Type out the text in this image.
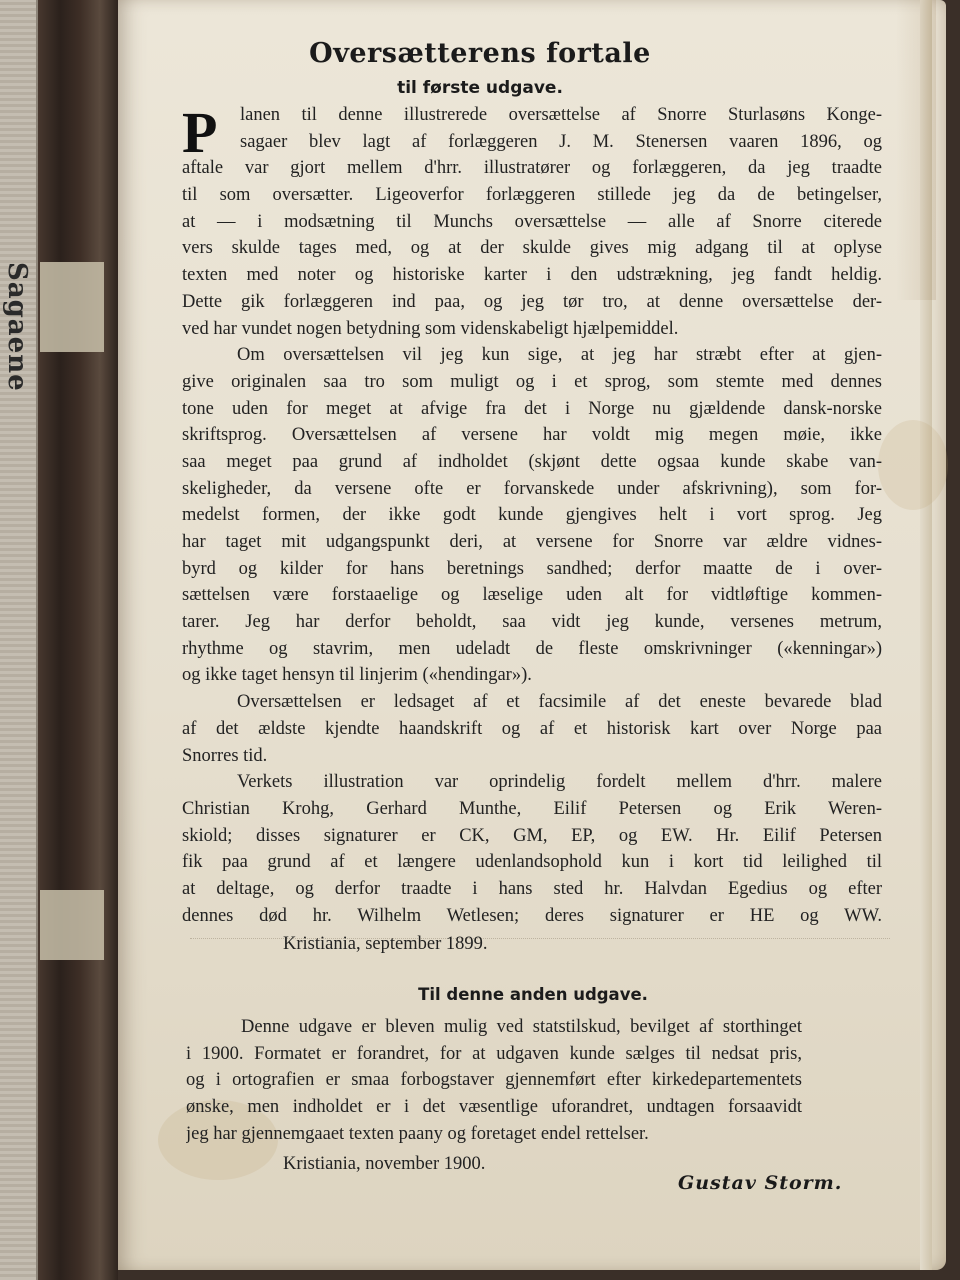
Sagaene
Oversætterens fortale
til første udgave.
P	lanen til denne illustrerede oversættelse af Snorre Sturlasøns Konge-
sagaer blev lagt af forlæggeren J. M. Stenersen vaaren 1896, og
aftale var gjort mellem d'hrr. illustratører og forlæggeren, da jeg traadte
til som oversætter. Ligeoverfor forlæggeren stillede jeg da de betingelser,
at — i modsætning til Munchs oversættelse — alle af Snorre citerede
vers skulde tages med, og at der skulde gives mig adgang til at oplyse
texten med noter og historiske karter i den udstrækning, jeg fandt heldig.
Dette gik forlæggeren ind paa, og jeg tør tro, at denne oversættelse der-
ved har vundet nogen betydning som videnskabeligt hjælpemiddel.
Om oversættelsen vil jeg kun sige, at jeg har stræbt efter at gjen-
give originalen saa tro som muligt og i et sprog, som stemte med dennes
tone uden for meget at afvige fra det i Norge nu gjældende dansk-norske
skriftsprog. Oversættelsen af versene har voldt mig megen møie, ikke
saa meget paa grund af indholdet (skjønt dette ogsaa kunde skabe van-
skeligheder, da versene ofte er forvanskede under afskrivning), som for-
medelst formen, der ikke godt kunde gjengives helt i vort sprog. Jeg
har taget mit udgangspunkt deri, at versene for Snorre var ældre vidnes-
byrd og kilder for hans beretnings sandhed; derfor maatte de i over-
sættelsen være forstaaelige og læselige uden alt for vidtløftige kommen-
tarer. Jeg har derfor beholdt, saa vidt jeg kunde, versenes metrum,
rhythme og stavrim, men udeladt de fleste omskrivninger («kenningar»)
og ikke taget hensyn til linjerim («hendingar»).
Oversættelsen er ledsaget af et facsimile af det eneste bevarede blad
af det ældste kjendte haandskrift og af et historisk kart over Norge paa
Snorres tid.
Verkets illustration var oprindelig fordelt mellem d'hrr. malere
Christian Krohg, Gerhard Munthe, Eilif Petersen og Erik Weren-
skiold; disses signaturer er CK, GM, EP, og EW. Hr. Eilif Petersen
fik paa grund af et længere udenlandsophold kun i kort tid leilighed til
at deltage, og derfor traadte i hans sted hr. Halvdan Egedius og efter
dennes død hr. Wilhelm Wetlesen; deres signaturer er HE og WW.
Kristiania, september 1899.
Til denne anden udgave.
Denne udgave er bleven mulig ved statstilskud, bevilget af storthinget
i 1900. Formatet er forandret, for at udgaven kunde sælges til nedsat pris,
og i ortografien er smaa forbogstaver gjennemført efter kirkedepartementets
ønske, men indholdet er i det væsentlige uforandret, undtagen forsaavidt
jeg har gjennemgaaet texten paany og foretaget endel rettelser.
Kristiania, november 1900.
Gustav Storm.
